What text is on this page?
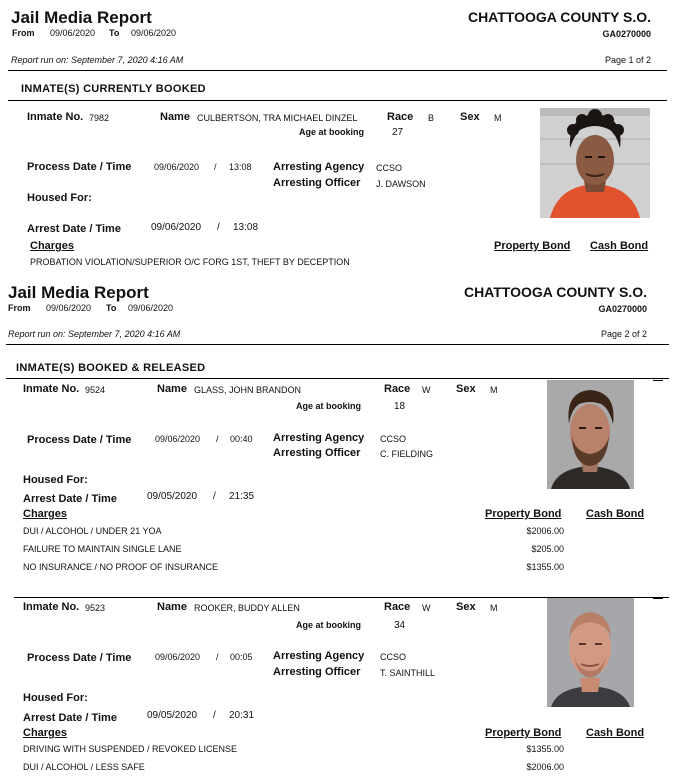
Jail Media Report
From 09/06/2020 To 09/06/2020
CHATTOOGA COUNTY S.O.
GA0270000
Report run on: September 7, 2020 4:16 AM	Page 1 of 2
INMATE(S) CURRENTLY BOOKED
Inmate No. 7982	Name CULBERTSON, TRA MICHAEL DINZEL	Race B Sex M
Age at booking	27
Process Date / Time	09/06/2020 / 13:08 Arresting Agency CCSO
Arresting Officer J. DAWSON
Housed For:
Arrest Date / Time	09/06/2020 / 13:08
Charges	Property Bond Cash Bond
PROBATION VIOLATION/SUPERIOR O/C FORG 1ST, THEFT BY DECEPTION
Jail Media Report
From 09/06/2020 To 09/06/2020
CHATTOOGA COUNTY S.O.
GA0270000
Report run on: September 7, 2020 4:16 AM	Page 2 of 2
INMATE(S) BOOKED & RELEASED
Inmate No. 9524	Name GLASS, JOHN BRANDON	Race W Sex M
Age at booking	18
Process Date / Time	09/06/2020 / 00:40 Arresting Agency CCSO
Arresting Officer C. FIELDING
Housed For:
Arrest Date / Time	09/05/2020 / 21:35
Charges	Property Bond Cash Bond
DUI / ALCOHOL / UNDER 21 YOA	$2006.00
FAILURE TO MAINTAIN SINGLE LANE	$205.00
NO INSURANCE / NO PROOF OF INSURANCE	$1355.00
Inmate No. 9523	Name ROOKER, BUDDY ALLEN	Race W Sex M
Age at booking	34
Process Date / Time	09/06/2020 / 00:05 Arresting Agency CCSO
Arresting Officer T. SAINTHILL
Housed For:
Arrest Date / Time	09/05/2020 / 20:31
Charges	Property Bond Cash Bond
DRIVING WITH SUSPENDED / REVOKED LICENSE	$1355.00
DUI / ALCOHOL / LESS SAFE	$2006.00
